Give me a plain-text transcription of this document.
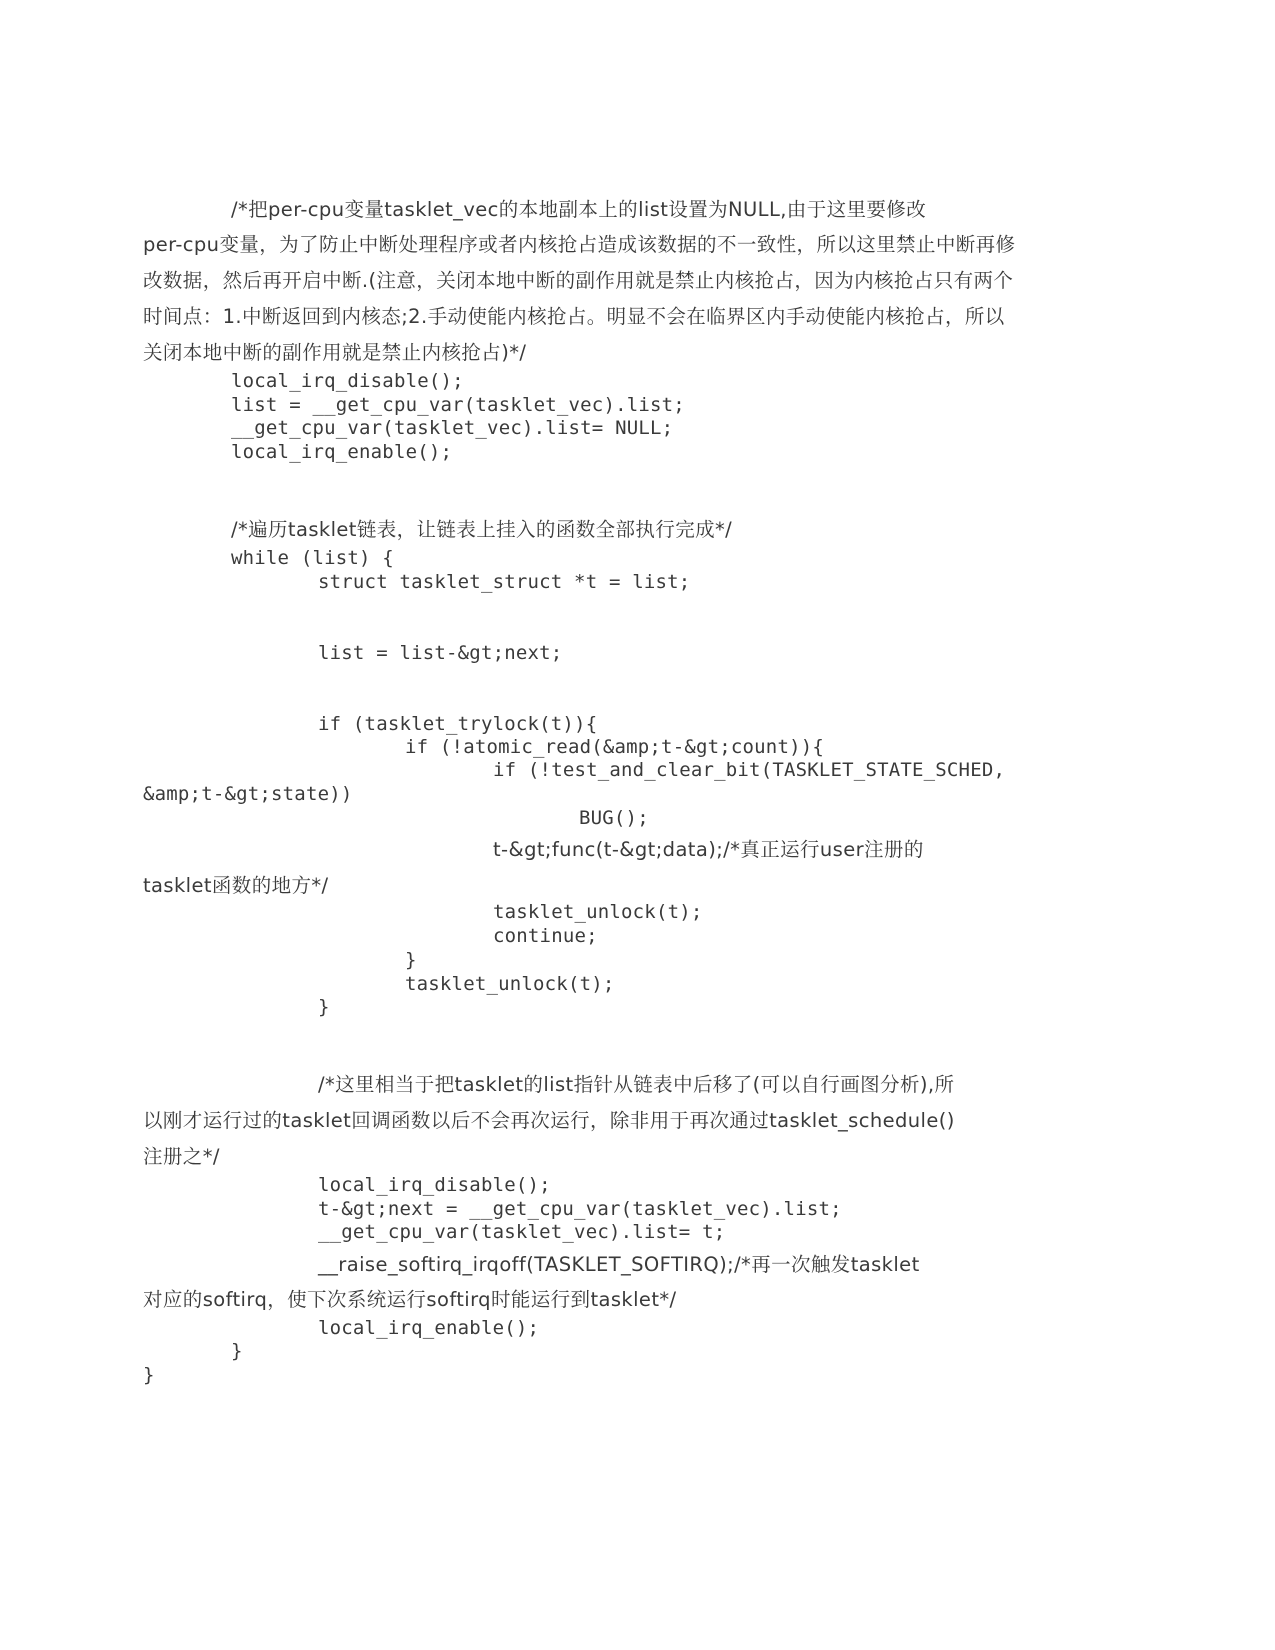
/*把per-cpu变量tasklet_vec的本地副本上的list设置为NULL,由于这里要修改
per-cpu变量，为了防止中断处理程序或者内核抢占造成该数据的不一致性，所以这里禁止中断再修
改数据，然后再开启中断.(注意，关闭本地中断的副作用就是禁止内核抢占，因为内核抢占只有两个
时间点：1.中断返回到内核态;2.手动使能内核抢占。明显不会在临界区内手动使能内核抢占，所以
关闭本地中断的副作用就是禁止内核抢占)*/
local_irq_disable();
list = __get_cpu_var(tasklet_vec).list;
__get_cpu_var(tasklet_vec).list= NULL;
local_irq_enable();
/*遍历tasklet链表，让链表上挂入的函数全部执行完成*/
while (list) {
struct tasklet_struct *t = list;
list = list-&gt;next;
if (tasklet_trylock(t)){
if (!atomic_read(&amp;t-&gt;count)){
if (!test_and_clear_bit(TASKLET_STATE_SCHED,
&amp;t-&gt;state))
BUG();
t-&gt;func(t-&gt;data);/*真正运行user注册的
tasklet函数的地方*/
tasklet_unlock(t);
continue;
}
tasklet_unlock(t);
}
/*这里相当于把tasklet的list指针从链表中后移了(可以自行画图分析),所
以刚才运行过的tasklet回调函数以后不会再次运行，除非用于再次通过tasklet_schedule()
注册之*/
local_irq_disable();
t-&gt;next = __get_cpu_var(tasklet_vec).list;
__get_cpu_var(tasklet_vec).list= t;
__raise_softirq_irqoff(TASKLET_SOFTIRQ);/*再一次触发tasklet
对应的softirq，使下次系统运行softirq时能运行到tasklet*/
local_irq_enable();
}
}
